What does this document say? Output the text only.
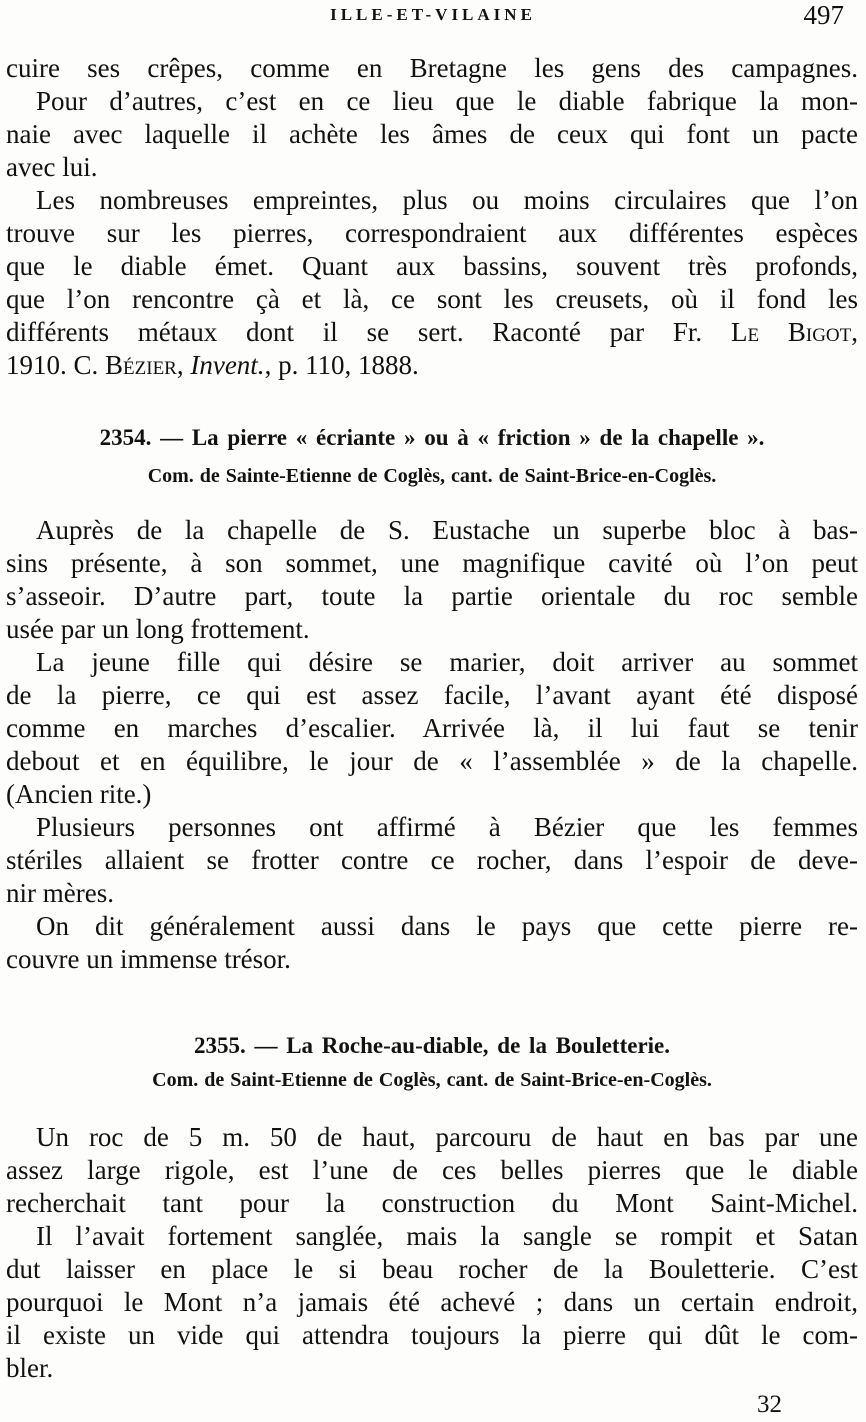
ILLE-ET-VILAINE	497
cuire ses crêpes, comme en Bretagne les gens des campagnes.
Pour d’autres, c’est en ce lieu que le diable fabrique la mon-
naie avec laquelle il achète les âmes de ceux qui font un pacte
avec lui.
Les nombreuses empreintes, plus ou moins circulaires que l’on
trouve sur les pierres, correspondraient aux différentes espèces
que le diable émet. Quant aux bassins, souvent très profonds,
que l’on rencontre çà et là, ce sont les creusets, où il fond les
différents métaux dont il se sert. Raconté par Fr. Le Bigot,
1910. C. Bézier, Invent., p. 110, 1888.
2354. — La pierre « écriante » ou à « friction » de la chapelle ».
Com. de Sainte-Etienne de Coglès, cant. de Saint-Brice-en-Coglès.
Auprès de la chapelle de S. Eustache un superbe bloc à bas-
sins présente, à son sommet, une magnifique cavité où l’on peut
s’asseoir. D’autre part, toute la partie orientale du roc semble
usée par un long frottement.
La jeune fille qui désire se marier, doit arriver au sommet
de la pierre, ce qui est assez facile, l’avant ayant été disposé
comme en marches d’escalier. Arrivée là, il lui faut se tenir
debout et en équilibre, le jour de « l’assemblée » de la chapelle.
(Ancien rite.)
Plusieurs personnes ont affirmé à Bézier que les femmes
stériles allaient se frotter contre ce rocher, dans l’espoir de deve-
nir mères.
On dit généralement aussi dans le pays que cette pierre re-
couvre un immense trésor.
2355. — La Roche-au-diable, de la Bouletterie.
Com. de Saint-Etienne de Coglès, cant. de Saint-Brice-en-Coglès.
Un roc de 5 m. 50 de haut, parcouru de haut en bas par une
assez large rigole, est l’une de ces belles pierres que le diable
recherchait tant pour la construction du Mont Saint-Michel.
Il l’avait fortement sanglée, mais la sangle se rompit et Satan
dut laisser en place le si beau rocher de la Bouletterie. C’est
pourquoi le Mont n’a jamais été achevé ; dans un certain endroit,
il existe un vide qui attendra toujours la pierre qui dût le com-
bler.
32
